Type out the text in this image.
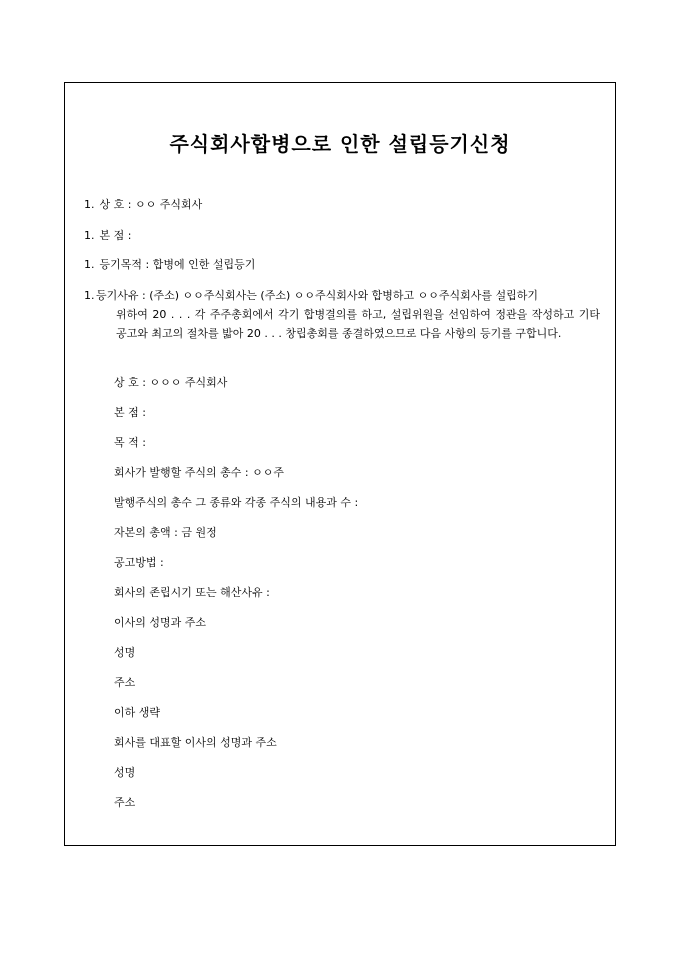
주식회사합병으로 인한 설립등기신청
1. 상 호 : ㅇㅇ 주식회사
1. 본 점 :
1. 등기목적 : 합병에 인한 설립등기
1. 등기사유 : (주소) ㅇㅇ주식회사는 (주소) ㅇㅇ주식회사와 합병하고 ㅇㅇ주식회사를 설립하기
위하여 20 . . . 각 주주총회에서 각기 합병결의를 하고, 설립위원을 선임하여 정관을 작성하고 기타 공고와 최고의 절차를 밟아 20 . . . 창립총회를 종결하였으므로 다음 사항의 등기를 구합니다.
상 호 : ㅇㅇㅇ 주식회사
본 점 :
목 적 :
회사가 발행할 주식의 총수 : ㅇㅇ주
발행주식의 총수 그 종류와 각종 주식의 내용과 수 :
자본의 총액 : 금 원정
공고방법 :
회사의 존립시기 또는 해산사유 :
이사의 성명과 주소
성명
주소
이하 생략
회사를 대표할 이사의 성명과 주소
성명
주소
